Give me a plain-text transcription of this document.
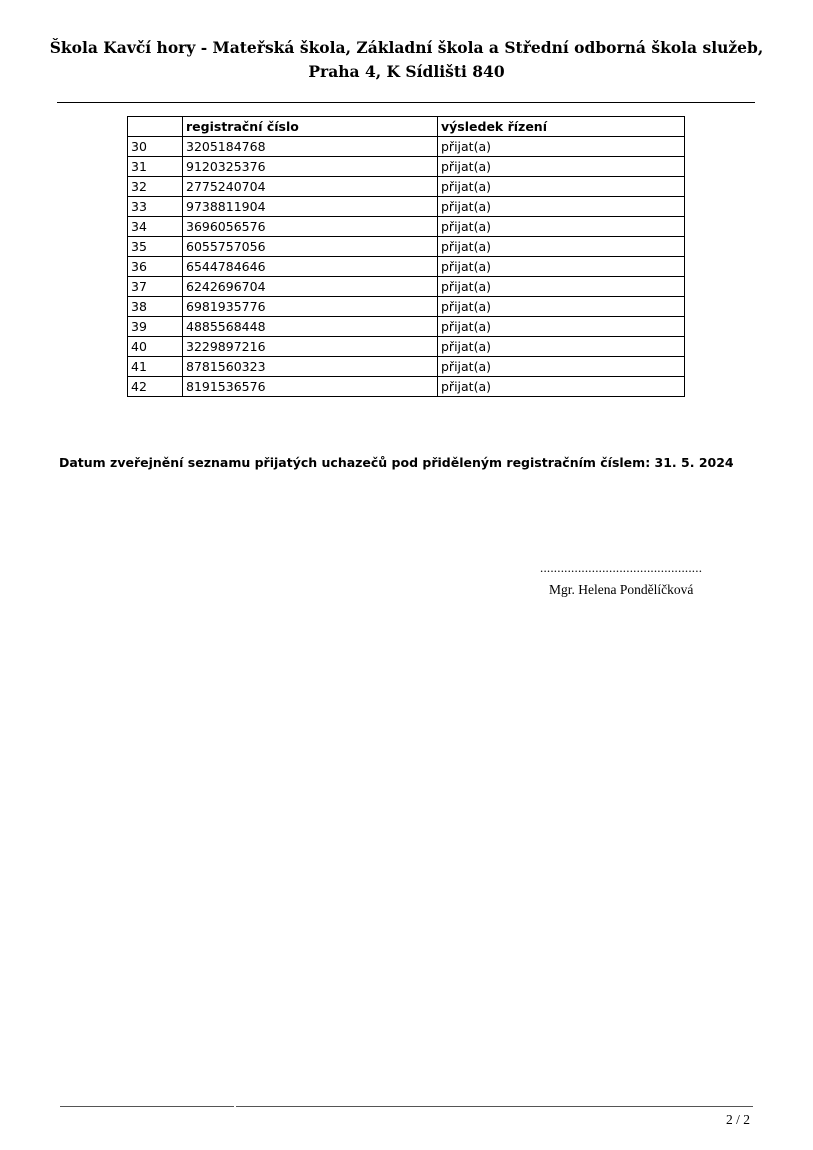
Škola Kavčí hory - Mateřská škola, Základní škola a Střední odborná škola služeb,
Praha 4, K Sídlišti 840
	registrační číslo	výsledek řízení
30	3205184768	přijat(a)
31	9120325376	přijat(a)
32	2775240704	přijat(a)
33	9738811904	přijat(a)
34	3696056576	přijat(a)
35	6055757056	přijat(a)
36	6544784646	přijat(a)
37	6242696704	přijat(a)
38	6981935776	přijat(a)
39	4885568448	přijat(a)
40	3229897216	přijat(a)
41	8781560323	přijat(a)
42	8191536576	přijat(a)
Datum zveřejnění seznamu přijatých uchazečů pod přiděleným registračním číslem: 31. 5. 2024
...............................................
Mgr. Helena Pondělíčková
2 / 2
